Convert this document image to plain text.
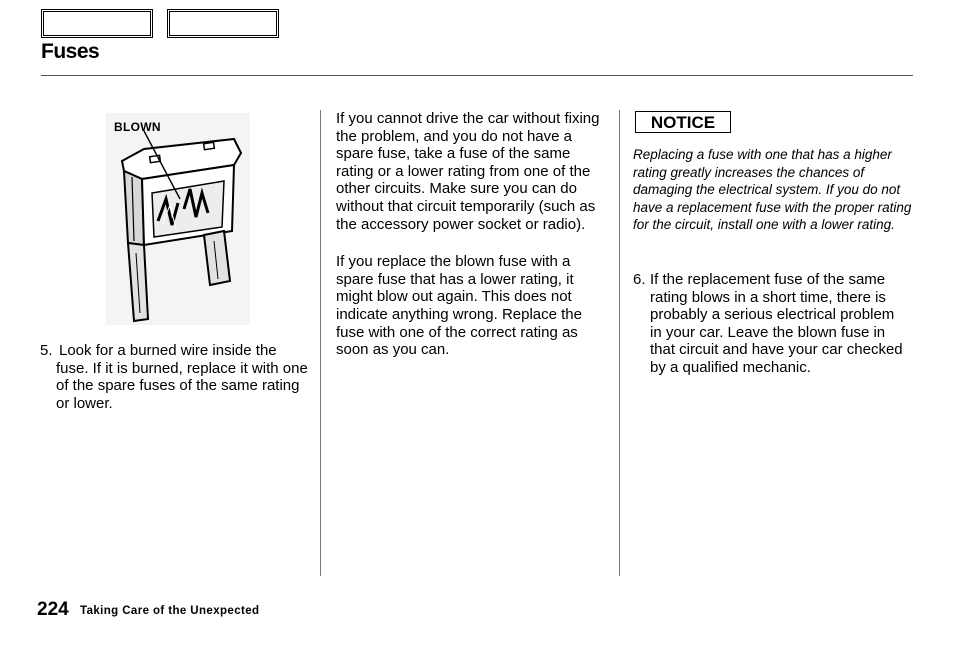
Fuses
BLOWN
5. Look for a burned wire inside the fuse. If it is burned, replace it with one of the spare fuses of the same rating or lower.

If you cannot drive the car without fixing the problem, and you do not have a spare fuse, take a fuse of the same rating or a lower rating from one of the other circuits. Make sure you can do without that circuit temporarily (such as the accessory power socket or radio).

If you replace the blown fuse with a spare fuse that has a lower rating, it might blow out again. This does not indicate anything wrong. Replace the fuse with one of the correct rating as soon as you can.

NOTICE

Replacing a fuse with one that has a higher rating greatly increases the chances of damaging the electrical system. If you do not have a replacement fuse with the proper rating for the circuit, install one with a lower rating.

6. If the replacement fuse of the same rating blows in a short time, there is probably a serious electrical problem in your car. Leave the blown fuse in that circuit and have your car checked by a qualified mechanic.
224 Taking Care of the Unexpected
